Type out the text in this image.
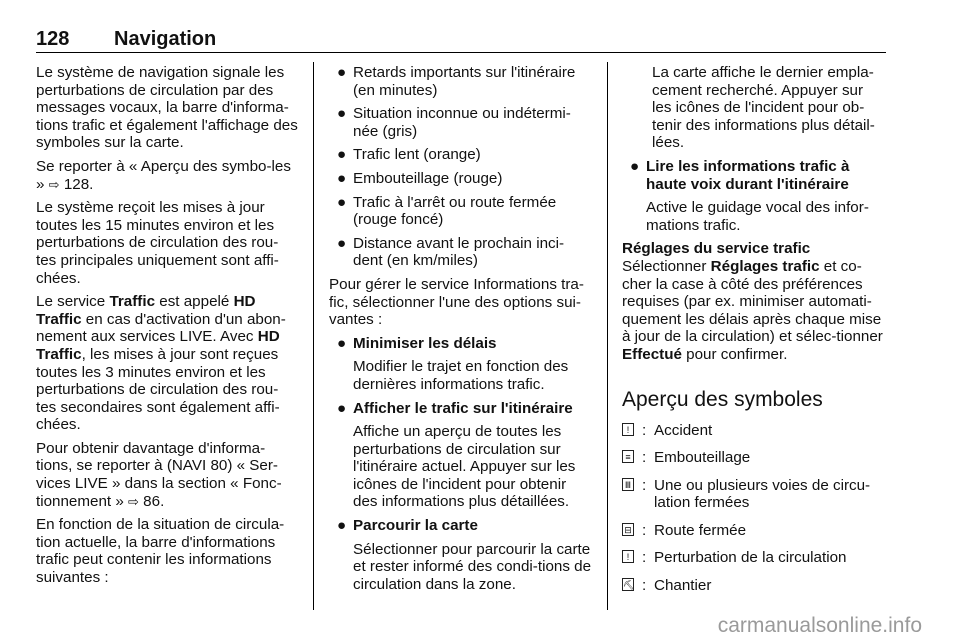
128 Navigation

Le système de navigation signale les perturbations de circulation par des messages vocaux, la barre d'informa-tions trafic et également l'affichage des symboles sur la carte.

Se reporter à « Aperçu des symbo-les » ⇨ 128.

Le système reçoit les mises à jour toutes les 15 minutes environ et les perturbations de circulation des rou-tes principales uniquement sont affi-chées.

Le service Traffic est appelé HD Traffic en cas d'activation d'un abon-nement aux services LIVE. Avec HD Traffic, les mises à jour sont reçues toutes les 3 minutes environ et les perturbations de circulation des rou-tes secondaires sont également affi-chées.

Pour obtenir davantage d'informa-tions, se reporter à (NAVI 80) « Ser-vices LIVE » dans la section « Fonc-tionnement » ⇨ 86.

En fonction de la situation de circula-tion actuelle, la barre d'informations trafic peut contenir les informations suivantes :

● Retards importants sur l'itinéraire (en minutes)
● Situation inconnue ou indétermi-née (gris)
● Trafic lent (orange)
● Embouteillage (rouge)
● Trafic à l'arrêt ou route fermée (rouge foncé)
● Distance avant le prochain inci-dent (en km/miles)

Pour gérer le service Informations tra-fic, sélectionner l'une des options sui-vantes :

● Minimiser les délais
Modifier le trajet en fonction des dernières informations trafic.
● Afficher le trafic sur l'itinéraire
Affiche un aperçu de toutes les perturbations de circulation sur l'itinéraire actuel. Appuyer sur les icônes de l'incident pour obtenir des informations plus détaillées.
● Parcourir la carte
Sélectionner pour parcourir la carte et rester informé des condi-tions de circulation dans la zone.
La carte affiche le dernier empla-cement recherché. Appuyer sur les icônes de l'incident pour ob-tenir des informations plus détail-lées.
● Lire les informations trafic à haute voix durant l'itinéraire
Active le guidage vocal des infor-mations trafic.

Réglages du service trafic

Sélectionner Réglages trafic et co-cher la case à côté des préférences requises (par ex. minimiser automati-quement les délais après chaque mise à jour de la circulation) et sélec-tionner Effectué pour confirmer.

Aperçu des symboles
! : Accident
≡ : Embouteillage
Ⅲ : Une ou plusieurs voies de circu-lation fermées
⊟ : Route fermée
! : Perturbation de la circulation
⛏ : Chantier
carmanualsonline.info
